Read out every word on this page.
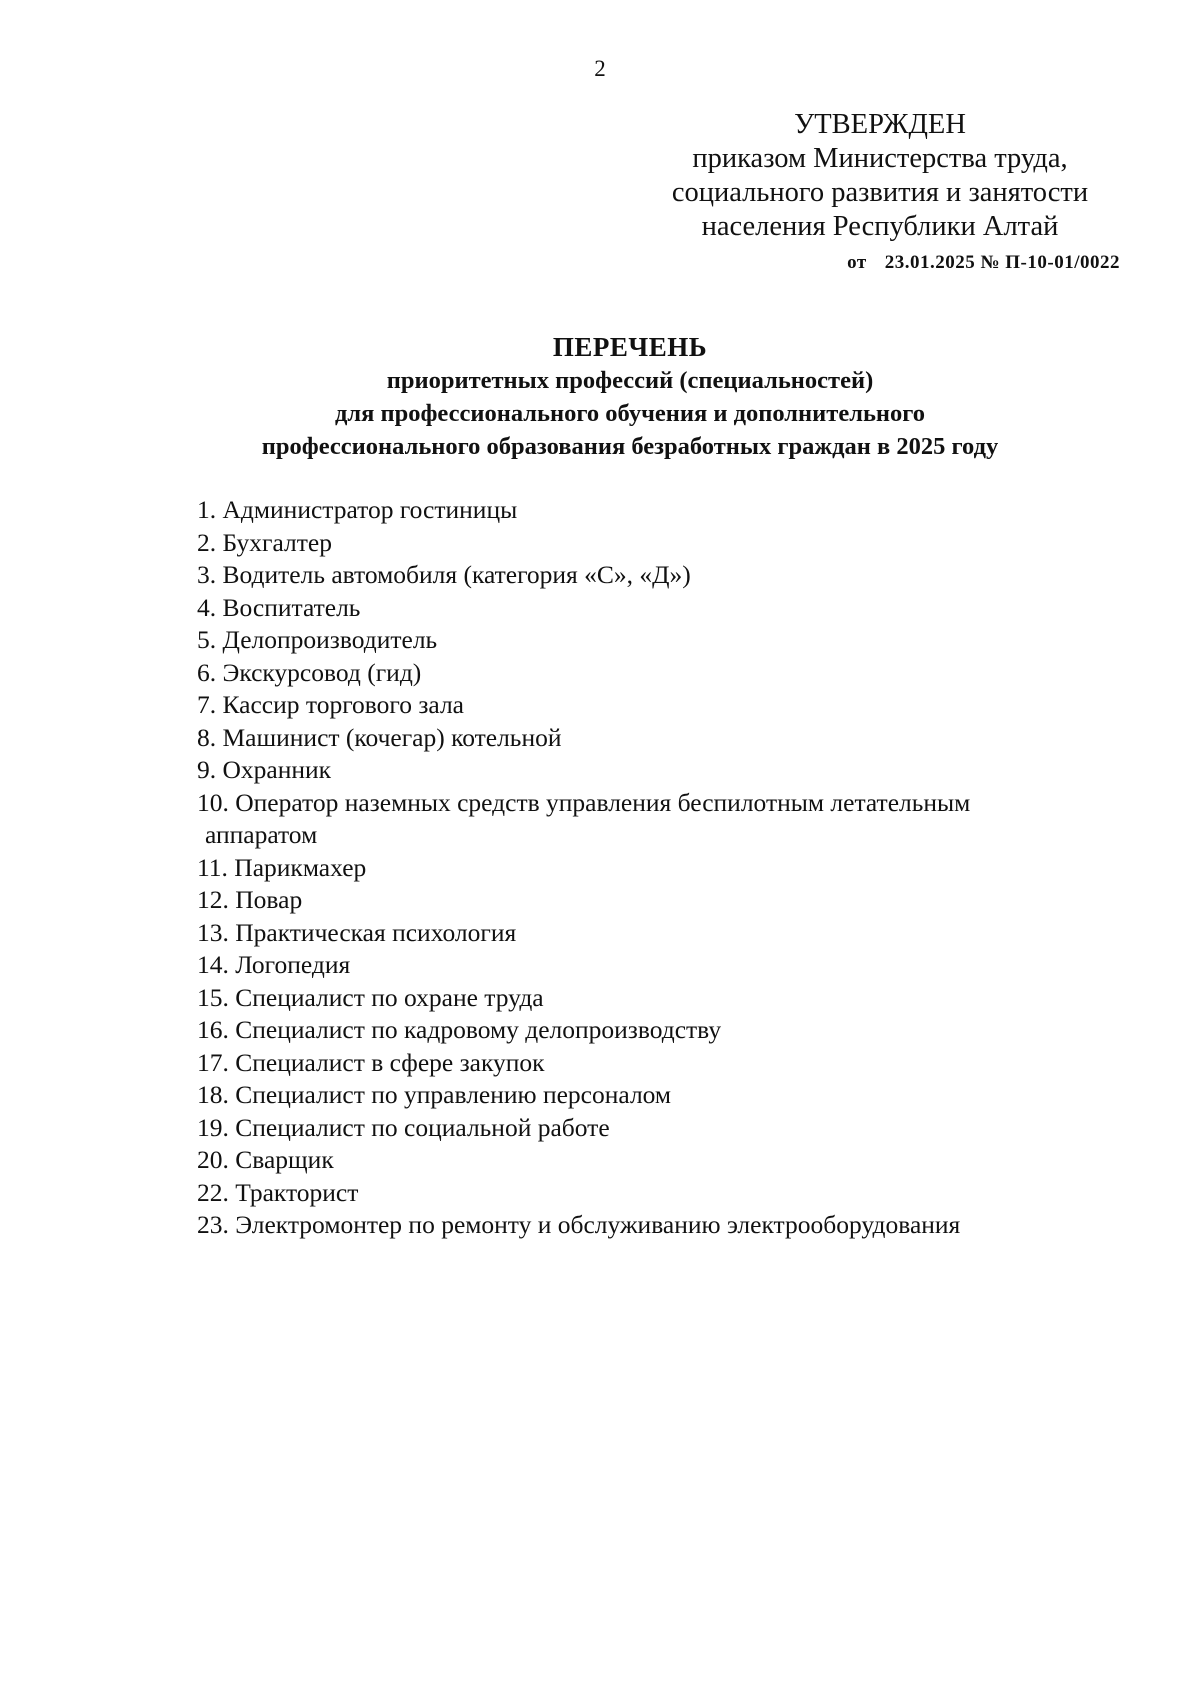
2
УТВЕРЖДЕН
приказом Министерства труда,
социального развития и занятости
населения Республики Алтай
от 23.01.2025 № П-10-01/0022
ПЕРЕЧЕНЬ
приоритетных профессий (специальностей)
для профессионального обучения и дополнительного
профессионального образования безработных граждан в 2025 году
1. Администратор гостиницы
2. Бухгалтер
3. Водитель автомобиля (категория «С», «Д»)
4. Воспитатель
5. Делопроизводитель
6. Экскурсовод (гид)
7. Кассир торгового зала
8. Машинист (кочегар) котельной
9. Охранник
10. Оператор наземных средств управления беспилотным летательным
аппаратом
11. Парикмахер
12. Повар
13. Практическая психология
14. Логопедия
15. Специалист по охране труда
16. Специалист по кадровому делопроизводству
17. Специалист в сфере закупок
18. Специалист по управлению персоналом
19. Специалист по социальной работе
20. Сварщик
22. Тракторист
23. Электромонтер по ремонту и обслуживанию электрооборудования
